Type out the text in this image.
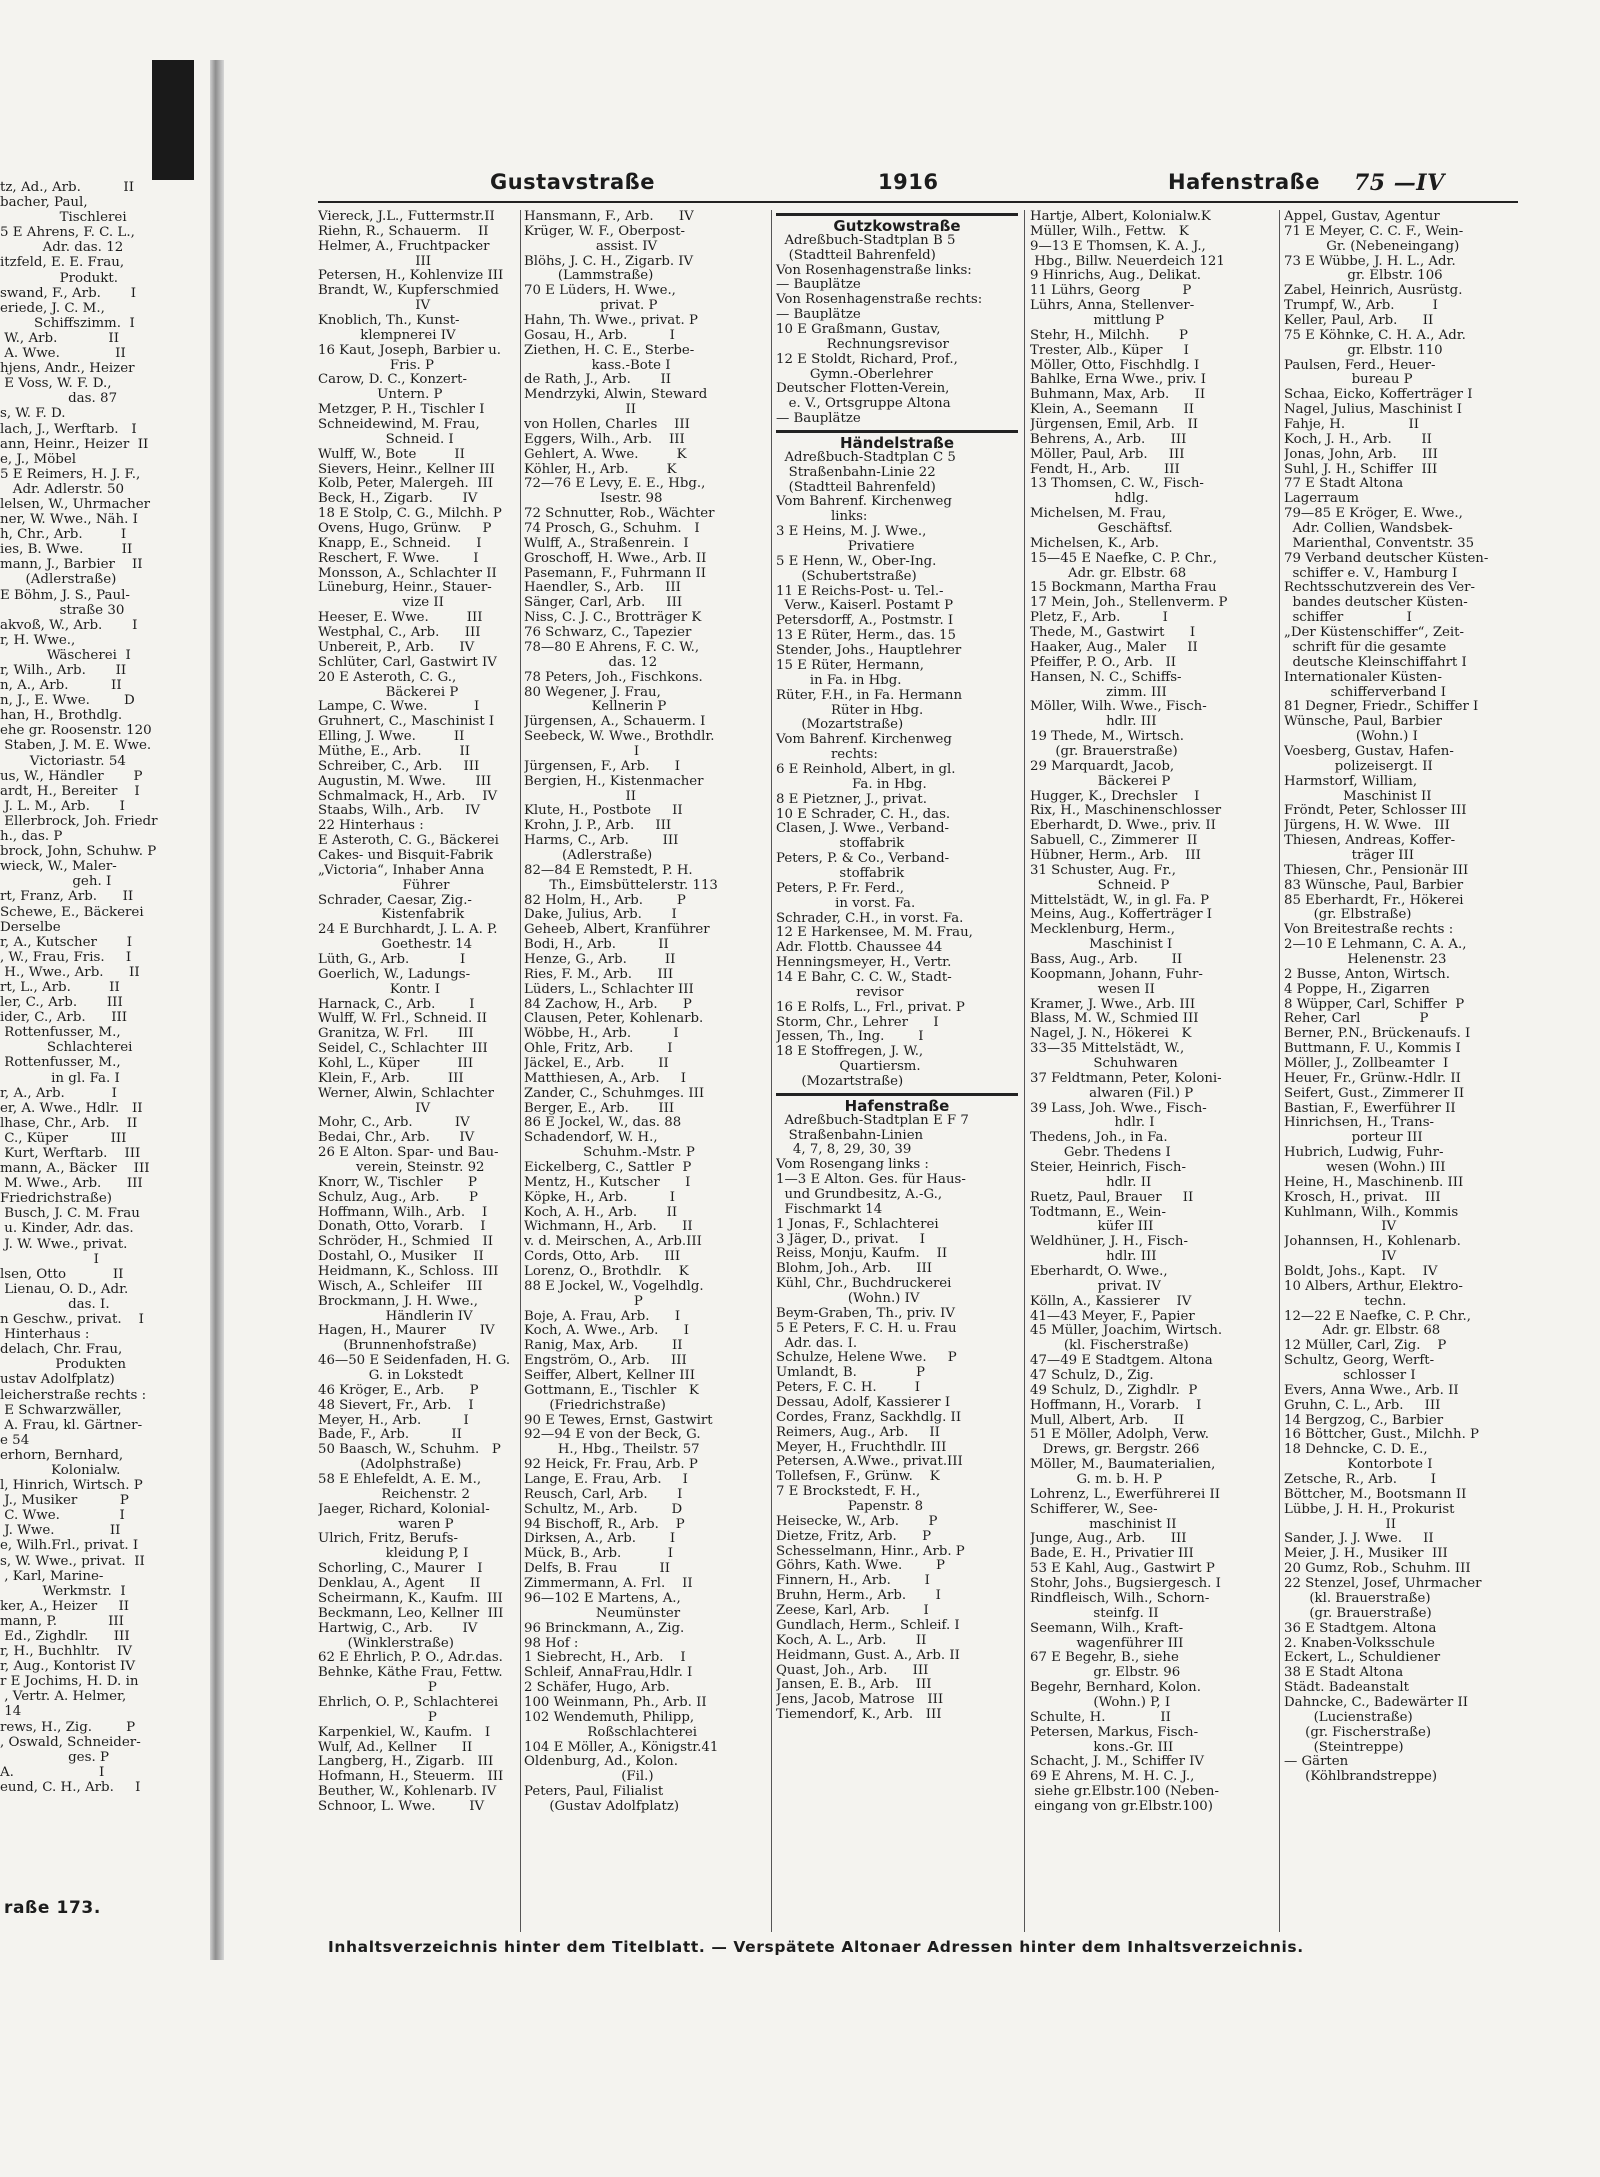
tz, Ad., Arb.          II
bacher, Paul,
Tischlerei
5 E Ahrens, F. C. L.,
Adr. das. 12
itzfeld, E. E. Frau,
Produkt.
swand, F., Arb.       I
eriede, J. C. M.,
Schiffszimm.  I
W., Arb.            II
A. Wwe.             II
hjens, Andr., Heizer
E Voss, W. F. D.,
das. 87
s, W. F. D.
lach, J., Werftarb.   I
ann, Heinr., Heizer  II
e, J., Möbel
5 E Reimers, H. J. F.,
Adr. Adlerstr. 50
lelsen, W., Uhrmacher
ner, W. Wwe., Näh. I
h, Chr., Arb.         I
ies, B. Wwe.         II
mann, J., Barbier    II
(Adlerstraße)
E Böhm, J. S., Paul-
straße 30
akvoß, W., Arb.       I
r, H. Wwe.,
Wäscherei  I
r, Wilh., Arb.       II
n, A., Arb.          II
n, J., E. Wwe.        D
han, H., Brothdlg.
ehe gr. Roosenstr. 120
Staben, J. M. E. Wwe.
Victoriastr. 54
us, W., Händler       P
ardt, H., Bereiter    I
J. L. M., Arb.       I
Ellerbrock, Joh. Friedr
h., das. P
brock, John, Schuhw. P
wieck, W., Maler-
geh. I
rt, Franz, Arb.      II
Schewe, E., Bäckerei
Derselbe
r, A., Kutscher       I
, W., Frau, Fris.     I
H., Wwe., Arb.      II
rt, L., Arb.         II
ler, C., Arb.       III
ider, C., Arb.      III
Rottenfusser, M.,
Schlachterei
Rottenfusser, M.,
in gl. Fa. I
r, A., Arb.           I
er, A. Wwe., Hdlr.   II
lhase, Chr., Arb.    II
C., Küper          III
Kurt, Werftarb.    III
mann, A., Bäcker    III
M. Wwe., Arb.      III
Friedrichstraße)
Busch, J. C. M. Frau
u. Kinder, Adr. das.
J. W. Wwe., privat.
I
lsen, Otto           II
Lienau, O. D., Adr.
das. I.
n Geschw., privat.    I
Hinterhaus :
delach, Chr. Frau,
Produkten
ustav Adolfplatz)
leicherstraße rechts :
E Schwarzwäller,
A. Frau, kl. Gärtner-
e 54
erhorn, Bernhard,
Kolonialw.
l, Hinrich, Wirtsch. P
J., Musiker          P
C. Wwe.              I
J. Wwe.             II
e, Wilh.Frl., privat. I
s, W. Wwe., privat.  II
, Karl, Marine-
Werkmstr.  I
ker, A., Heizer     II
mann, P.            III
Ed., Zighdlr.      III
r, H., Buchhltr.    IV
r, Aug., Kontorist IV
r E Jochims, H. D. in
, Vertr. A. Helmer,
14
rews, H., Zig.        P
, Oswald, Schneider-
ges. P
A.                    I
eund, C. H., Arb.     I
raße 173.
Gustavstraße	1916	Hafenstraße 75 —IV
Viereck, J.L., Futtermstr.II
Riehn, R., Schauerm.    II
Helmer, A., Fruchtpacker
III
Petersen, H., Kohlenvize III
Brandt, W., Kupferschmied
IV
Knoblich, Th., Kunst-
klempnerei IV
16 Kaut, Joseph, Barbier u.
Fris. P
Carow, D. C., Konzert-
Untern. P
Metzger, P. H., Tischler I
Schneidewind, M. Frau,
Schneid. I
Wulff, W., Bote         II
Sievers, Heinr., Kellner III
Kolb, Peter, Malergeh.  III
Beck, H., Zigarb.       IV
18 E Stolp, C. G., Milchh. P
Ovens, Hugo, Grünw.     P
Knapp, E., Schneid.      I
Reschert, F. Wwe.        I
Monsson, A., Schlachter II
Lüneburg, Heinr., Stauer-
vize II
Heeser, E. Wwe.         III
Westphal, C., Arb.      III
Unbereit, P., Arb.      IV
Schlüter, Carl, Gastwirt IV
20 E Asteroth, C. G.,
Bäckerei P
Lampe, C. Wwe.           I
Gruhnert, C., Maschinist I
Elling, J. Wwe.         II
Müthe, E., Arb.         II
Schreiber, C., Arb.     III
Augustin, M. Wwe.       III
Schmalmack, H., Arb.    IV
Staabs, Wilh., Arb.     IV
22 Hinterhaus :
E Asteroth, C. G., Bäckerei
Cakes- und Bisquit-Fabrik
„Victoria“, Inhaber Anna
Führer
Schrader, Caesar, Zig.-
Kistenfabrik
24 E Burchhardt, J. L. A. P.
Goethestr. 14
Lüth, G., Arb.            I
Goerlich, W., Ladungs-
Kontr. I
Harnack, C., Arb.        I
Wulff, W. Frl., Schneid. II
Granitza, W. Frl.       III
Seidel, C., Schlachter  III
Kohl, L., Küper         III
Klein, F., Arb.         III
Werner, Alwin, Schlachter
IV
Mohr, C., Arb.          IV
Bedai, Chr., Arb.       IV
26 E Alton. Spar- und Bau-
verein, Steinstr. 92
Knorr, W., Tischler      P
Schulz, Aug., Arb.       P
Hoffmann, Wilh., Arb.    I
Donath, Otto, Vorarb.    I
Schröder, H., Schmied   II
Dostahl, O., Musiker    II
Heidmann, K., Schloss.  III
Wisch, A., Schleifer    III
Brockmann, J. H. Wwe.,
Händlerin IV
Hagen, H., Maurer        IV
(Brunnenhofstraße)
46—50 E Seidenfaden, H. G.
G. in Lokstedt
46 Kröger, E., Arb.      P
48 Sievert, Fr., Arb.    I
Meyer, H., Arb.          I
Bade, F., Arb.          II
50 Baasch, W., Schuhm.   P
(Adolphstraße)
58 E Ehlefeldt, A. E. M.,
Reichenstr. 2
Jaeger, Richard, Kolonial-
waren P
Ulrich, Fritz, Berufs-
kleidung P, I
Schorling, C., Maurer   I
Denklau, A., Agent      II
Scheirmann, K., Kaufm.  III
Beckmann, Leo, Kellner  III
Hartwig, C., Arb.       IV
(Winklerstraße)
62 E Ehrlich, P. O., Adr.das.
Behnke, Käthe Frau, Fettw.
P
Ehrlich, O. P., Schlachterei
P
Karpenkiel, W., Kaufm.   I
Wulf, Ad., Kellner      II
Langberg, H., Zigarb.   III
Hofmann, H., Steuerm.   III
Beuther, W., Kohlenarb. IV
Schnoor, L. Wwe.        IV
Hansmann, F., Arb.      IV
Krüger, W. F., Oberpost-
assist. IV
Blöhs, J. C. H., Zigarb. IV
(Lammstraße)
70 E Lüders, H. Wwe.,
privat. P
Hahn, Th. Wwe., privat. P
Gosau, H., Arb.          I
Ziethen, H. C. E., Sterbe-
kass.-Bote I
de Rath, J., Arb.       II
Mendrzyki, Alwin, Steward
II
von Hollen, Charles    III
Eggers, Wilh., Arb.    III
Gehlert, A. Wwe.         K
Köhler, H., Arb.         K
72—76 E Levy, E. E., Hbg.,
Isestr. 98
72 Schnutter, Rob., Wächter
74 Prosch, G., Schuhm.   I
Wulff, A., Straßenrein.  I
Groschoff, H. Wwe., Arb. II
Pasemann, F., Fuhrmann II
Haendler, S., Arb.     III
Sänger, Carl, Arb.     III
Niss, C. J. C., Brotträger K
76 Schwarz, C., Tapezier
78—80 E Ahrens, F. C. W.,
das. 12
78 Peters, Joh., Fischkons.
80 Wegener, J. Frau,
Kellnerin P
Jürgensen, A., Schauerm. I
Seebeck, W. Wwe., Brothdlr.
I
Jürgensen, F., Arb.      I
Bergien, H., Kistenmacher
II
Klute, H., Postbote     II
Krohn, J. P., Arb.     III
Harms, C., Arb.        III
(Adlerstraße)
82—84 E Remstedt, P. H.
Th., Eimsbüttelerstr. 113
82 Holm, H., Arb.        P
Dake, Julius, Arb.       I
Geheeb, Albert, Kranführer
Bodi, H., Arb.          II
Henze, G., Arb.         II
Ries, F. M., Arb.      III
Lüders, L., Schlachter III
84 Zachow, H., Arb.      P
Clausen, Peter, Kohlenarb.
Wöbbe, H., Arb.          I
Ohle, Fritz, Arb.        I
Jäckel, E., Arb.        II
Matthiesen, A., Arb.     I
Zander, C., Schuhmges. III
Berger, E., Arb.       III
86 E Jockel, W., das. 88
Schadendorf, W. H.,
Schuhm.-Mstr. P
Eickelberg, C., Sattler  P
Mentz, H., Kutscher      I
Köpke, H., Arb.          I
Koch, A. H., Arb.       II
Wichmann, H., Arb.      II
v. d. Meirschen, A., Arb.III
Cords, Otto, Arb.      III
Lorenz, O., Brothdlr.    K
88 E Jockel, W., Vogelhdlg.
P
Boje, A. Frau, Arb.      I
Koch, A. Wwe., Arb.      I
Ranig, Max, Arb.        II
Engström, O., Arb.     III
Seiffer, Albert, Kellner III
Gottmann, E., Tischler   K
(Friedrichstraße)
90 E Tewes, Ernst, Gastwirt
92—94 E von der Beck, G.
H., Hbg., Theilstr. 57
92 Heick, Fr. Frau, Arb. P
Lange, E. Frau, Arb.     I
Reusch, Carl, Arb.       I
Schultz, M., Arb.        D
94 Bischoff, R., Arb.    P
Dirksen, A., Arb.        I
Mück, B., Arb.           I
Delfs, B. Frau          II
Zimmermann, A. Frl.    II
96—102 E Martens, A.,
Neumünster
96 Brinckmann, A., Zig.
98 Hof :
1 Siebrecht, H., Arb.    I
Schleif, AnnaFrau,Hdlr. I
2 Schäfer, Hugo, Arb.
100 Weinmann, Ph., Arb. II
102 Wendemuth, Philipp,
Roßschlachterei
104 E Möller, A., Königstr.41
Oldenburg, Ad., Kolon.
(Fil.)
Peters, Paul, Filialist
(Gustav Adolfplatz)
Gutzkowstraße
Adreßbuch-Stadtplan B 5
(Stadtteil Bahrenfeld)
Von Rosenhagenstraße links:
— Bauplätze
Von Rosenhagenstraße rechts:
— Bauplätze
10 E Graßmann, Gustav,
Rechnungsrevisor
12 E Stoldt, Richard, Prof.,
Gymn.-Oberlehrer
Deutscher Flotten-Verein,
e. V., Ortsgruppe Altona
— Bauplätze
Händelstraße
Adreßbuch-Stadtplan C 5
Straßenbahn-Linie 22
(Stadtteil Bahrenfeld)
Vom Bahrenf. Kirchenweg
links:
3 E Heins, M. J. Wwe.,
Privatiere
5 E Henn, W., Ober-Ing.
(Schubertstraße)
11 E Reichs-Post- u. Tel.-
Verw., Kaiserl. Postamt P
Petersdorff, A., Postmstr. I
13 E Rüter, Herm., das. 15
Stender, Johs., Hauptlehrer
15 E Rüter, Hermann,
in Fa. in Hbg.
Rüter, F.H., in Fa. Hermann
Rüter in Hbg.
(Mozartstraße)
Vom Bahrenf. Kirchenweg
rechts:
6 E Reinhold, Albert, in gl.
Fa. in Hbg.
8 E Pietzner, J., privat.
10 E Schrader, C. H., das.
Clasen, J. Wwe., Verband-
stoffabrik
Peters, P. & Co., Verband-
stoffabrik
Peters, P. Fr. Ferd.,
in vorst. Fa.
Schrader, C.H., in vorst. Fa.
12 E Harkensee, M. M. Frau,
Adr. Flottb. Chaussee 44
Henningsmeyer, H., Vertr.
14 E Bahr, C. C. W., Stadt-
revisor
16 E Rolfs, L., Frl., privat. P
Storm, Chr., Lehrer      I
Jessen, Th., Ing.        I
18 E Stoffregen, J. W.,
Quartiersm.
(Mozartstraße)
Hafenstraße
Adreßbuch-Stadtplan E F 7
Straßenbahn-Linien
4, 7, 8, 29, 30, 39
Vom Rosengang links :
1—3 E Alton. Ges. für Haus-
und Grundbesitz, A.-G.,
Fischmarkt 14
1 Jonas, F., Schlachterei
3 Jäger, D., privat.     I
Reiss, Monju, Kaufm.    II
Blohm, Joh., Arb.      III
Kühl, Chr., Buchdruckerei
(Wohn.) IV
Beym-Graben, Th., priv. IV
5 E Peters, F. C. H. u. Frau
Adr. das. I.
Schulze, Helene Wwe.     P
Umlandt, B.              P
Peters, F. C. H.         I
Dessau, Adolf, Kassierer I
Cordes, Franz, Sackhdlg. II
Reimers, Aug., Arb.     II
Meyer, H., Fruchthdlr. III
Petersen, A.Wwe., privat.III
Tollefsen, F., Grünw.    K
7 E Brockstedt, F. H.,
Papenstr. 8
Heisecke, W., Arb.       P
Dietze, Fritz, Arb.      P
Schesselmann, Hinr., Arb. P
Göhrs, Kath. Wwe.        P
Finnern, H., Arb.        I
Bruhn, Herm., Arb.       I
Zeese, Karl, Arb.        I
Gundlach, Herm., Schleif. I
Koch, A. L., Arb.       II
Heidmann, Gust. A., Arb. II
Quast, Joh., Arb.      III
Jansen, E. B., Arb.    III
Jens, Jacob, Matrose   III
Tiemendorf, K., Arb.   III
Hartje, Albert, Kolonialw.K
Müller, Wilh., Fettw.   K
9—13 E Thomsen, K. A. J.,
Hbg., Billw. Neuerdeich 121
9 Hinrichs, Aug., Delikat.
11 Lührs, Georg          P
Lührs, Anna, Stellenver-
mittlung P
Stehr, H., Milchh.       P
Trester, Alb., Küper     I
Möller, Otto, Fischhdlg. I
Bahlke, Erna Wwe., priv. I
Buhmann, Max, Arb.      II
Klein, A., Seemann      II
Jürgensen, Emil, Arb.   II
Behrens, A., Arb.      III
Möller, Paul, Arb.     III
Fendt, H., Arb.        III
13 Thomsen, C. W., Fisch-
hdlg.
Michelsen, M. Frau,
Geschäftsf.
Michelsen, K., Arb.
15—45 E Naefke, C. P. Chr.,
Adr. gr. Elbstr. 68
15 Bockmann, Martha Frau
17 Mein, Joh., Stellenverm. P
Pletz, F., Arb.          I
Thede, M., Gastwirt      I
Haaker, Aug., Maler     II
Pfeiffer, P. O., Arb.   II
Hansen, N. C., Schiffs-
zimm. III
Möller, Wilh. Wwe., Fisch-
hdlr. III
19 Thede, M., Wirtsch.
(gr. Brauerstraße)
29 Marquardt, Jacob,
Bäckerei P
Hugger, K., Drechsler    I
Rix, H., Maschinenschlosser
Eberhardt, D. Wwe., priv. II
Sabuell, C., Zimmerer  II
Hübner, Herm., Arb.    III
31 Schuster, Aug. Fr.,
Schneid. P
Mittelstädt, W., in gl. Fa. P
Meins, Aug., Kofferträger I
Mecklenburg, Herm.,
Maschinist I
Bass, Aug., Arb.        II
Koopmann, Johann, Fuhr-
wesen II
Kramer, J. Wwe., Arb. III
Blass, M. W., Schmied III
Nagel, J. N., Hökerei   K
33—35 Mittelstädt, W.,
Schuhwaren
37 Feldtmann, Peter, Koloni-
alwaren (Fil.) P
39 Lass, Joh. Wwe., Fisch-
hdlr. I
Thedens, Joh., in Fa.
Gebr. Thedens I
Steier, Heinrich, Fisch-
hdlr. II
Ruetz, Paul, Brauer     II
Todtmann, E., Wein-
küfer III
Weldhüner, J. H., Fisch-
hdlr. III
Eberhardt, O. Wwe.,
privat. IV
Kölln, A., Kassierer    IV
41—43 Meyer, F., Papier
45 Müller, Joachim, Wirtsch.
(kl. Fischerstraße)
47—49 E Stadtgem. Altona
47 Schulz, D., Zig.
49 Schulz, D., Zighdlr.  P
Hoffmann, H., Vorarb.    I
Mull, Albert, Arb.      II
51 E Möller, Adolph, Verw.
Drews, gr. Bergstr. 266
Möller, M., Baumaterialien,
G. m. b. H. P
Lohrenz, L., Ewerführerei II
Schifferer, W., See-
maschinist II
Junge, Aug., Arb.      III
Bade, E. H., Privatier III
53 E Kahl, Aug., Gastwirt P
Stohr, Johs., Bugsiergesch. I
Rindfleisch, Wilh., Schorn-
steinfg. II
Seemann, Wilh., Kraft-
wagenführer III
67 E Begehr, B., siehe
gr. Elbstr. 96
Begehr, Bernhard, Kolon.
(Wohn.) P, I
Schulte, H.             II
Petersen, Markus, Fisch-
kons.-Gr. III
Schacht, J. M., Schiffer IV
69 E Ahrens, M. H. C. J.,
siehe gr.Elbstr.100 (Neben-
eingang von gr.Elbstr.100)
Appel, Gustav, Agentur
71 E Meyer, C. C. F., Wein-
Gr. (Nebeneingang)
73 E Wübbe, J. H. L., Adr.
gr. Elbstr. 106
Zabel, Heinrich, Ausrüstg.
Trumpf, W., Arb.         I
Keller, Paul, Arb.      II
75 E Köhnke, C. H. A., Adr.
gr. Elbstr. 110
Paulsen, Ferd., Heuer-
bureau P
Schaa, Eicko, Kofferträger I
Nagel, Julius, Maschinist I
Fahje, H.               II
Koch, J. H., Arb.       II
Jonas, John, Arb.      III
Suhl, J. H., Schiffer  III
77 E Stadt Altona
Lagerraum
79—85 E Kröger, E. Wwe.,
Adr. Collien, Wandsbek-
Marienthal, Conventstr. 35
79 Verband deutscher Küsten-
schiffer e. V., Hamburg I
Rechtsschutzverein des Ver-
bandes deutscher Küsten-
schiffer               I
„Der Küstenschiffer“, Zeit-
schrift für die gesamte
deutsche Kleinschiffahrt I
Internationaler Küsten-
schifferverband I
81 Degner, Friedr., Schiffer I
Wünsche, Paul, Barbier
(Wohn.) I
Voesberg, Gustav, Hafen-
polizeisergt. II
Harmstorf, William,
Maschinist II
Fröndt, Peter, Schlosser III
Jürgens, H. W. Wwe.   III
Thiesen, Andreas, Koffer-
träger III
Thiesen, Chr., Pensionär III
83 Wünsche, Paul, Barbier
85 Eberhardt, Fr., Hökerei
(gr. Elbstraße)
Von Breitestraße rechts :
2—10 E Lehmann, C. A. A.,
Helenenstr. 23
2 Busse, Anton, Wirtsch.
4 Poppe, H., Zigarren
8 Wüpper, Carl, Schiffer  P
Reher, Carl              P
Berner, P.N., Brückenaufs. I
Buttmann, F. U., Kommis I
Möller, J., Zollbeamter  I
Heuer, Fr., Grünw.-Hdlr. II
Seifert, Gust., Zimmerer II
Bastian, F., Ewerführer II
Hinrichsen, H., Trans-
porteur III
Hubrich, Ludwig, Fuhr-
wesen (Wohn.) III
Heine, H., Maschinenb. III
Krosch, H., privat.    III
Kuhlmann, Wilh., Kommis
IV
Johannsen, H., Kohlenarb.
IV
Boldt, Johs., Kapt.    IV
10 Albers, Arthur, Elektro-
techn.
12—22 E Naefke, C. P. Chr.,
Adr. gr. Elbstr. 68
12 Müller, Carl, Zig.    P
Schultz, Georg, Werft-
schlosser I
Evers, Anna Wwe., Arb. II
Gruhn, C. L., Arb.     III
14 Bergzog, C., Barbier
16 Böttcher, Gust., Milchh. P
18 Dehncke, C. D. E.,
Kontorbote I
Zetsche, R., Arb.        I
Böttcher, M., Bootsmann II
Lübbe, J. H. H., Prokurist
II
Sander, J. J. Wwe.     II
Meier, J. H., Musiker  III
20 Gumz, Rob., Schuhm. III
22 Stenzel, Josef, Uhrmacher
(kl. Brauerstraße)
(gr. Brauerstraße)
36 E Stadtgem. Altona
2. Knaben-Volksschule
Eckert, L., Schuldiener
38 E Stadt Altona
Städt. Badeanstalt
Dahncke, C., Badewärter II
(Lucienstraße)
(gr. Fischerstraße)
(Steintreppe)
— Gärten
(Köhlbrandstreppe)
Inhaltsverzeichnis hinter dem Titelblatt. — Verspätete Altonaer Adressen hinter dem Inhaltsverzeichnis.
